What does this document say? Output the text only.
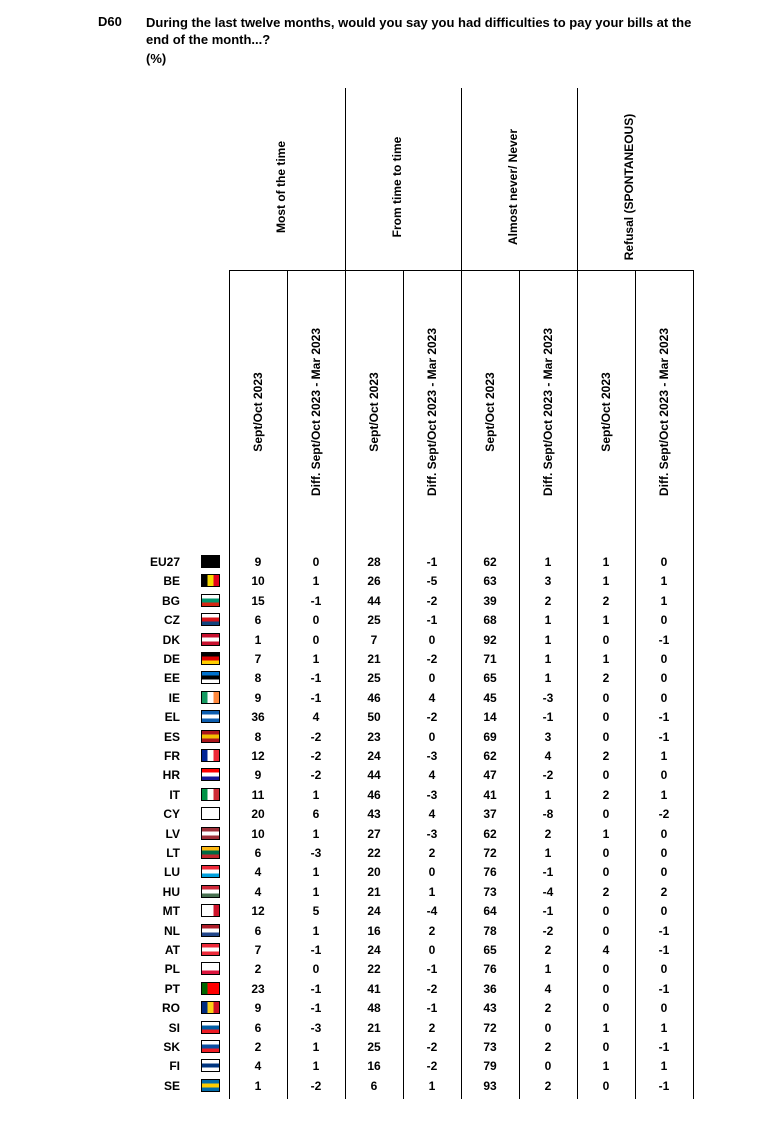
D60 During the last twelve months, would you say you had difficulties to pay your bills at the end of the month...?
(%)
Most of the time	From time to time	Almost never/ Never	Refusal (SPONTANEOUS)
Sept/Oct 2023	Diff. Sept/Oct 2023 - Mar 2023	Sept/Oct 2023	Diff. Sept/Oct 2023 - Mar 2023	Sept/Oct 2023	Diff. Sept/Oct 2023 - Mar 2023	Sept/Oct 2023	Diff. Sept/Oct 2023 - Mar 2023
EU27	9	0	28	-1	62	1	1	0
BE	10	1	26	-5	63	3	1	1
BG	15	-1	44	-2	39	2	2	1
CZ	6	0	25	-1	68	1	1	0
DK	1	0	7	0	92	1	0	-1
DE	7	1	21	-2	71	1	1	0
EE	8	-1	25	0	65	1	2	0
IE	9	-1	46	4	45	-3	0	0
EL	36	4	50	-2	14	-1	0	-1
ES	8	-2	23	0	69	3	0	-1
FR	12	-2	24	-3	62	4	2	1
HR	9	-2	44	4	47	-2	0	0
IT	11	1	46	-3	41	1	2	1
CY	20	6	43	4	37	-8	0	-2
LV	10	1	27	-3	62	2	1	0
LT	6	-3	22	2	72	1	0	0
LU	4	1	20	0	76	-1	0	0
HU	4	1	21	1	73	-4	2	2
MT	12	5	24	-4	64	-1	0	0
NL	6	1	16	2	78	-2	0	-1
AT	7	-1	24	0	65	2	4	-1
PL	2	0	22	-1	76	1	0	0
PT	23	-1	41	-2	36	4	0	-1
RO	9	-1	48	-1	43	2	0	0
SI	6	-3	21	2	72	0	1	1
SK	2	1	25	-2	73	2	0	-1
FI	4	1	16	-2	79	0	1	1
SE	1	-2	6	1	93	2	0	-1
